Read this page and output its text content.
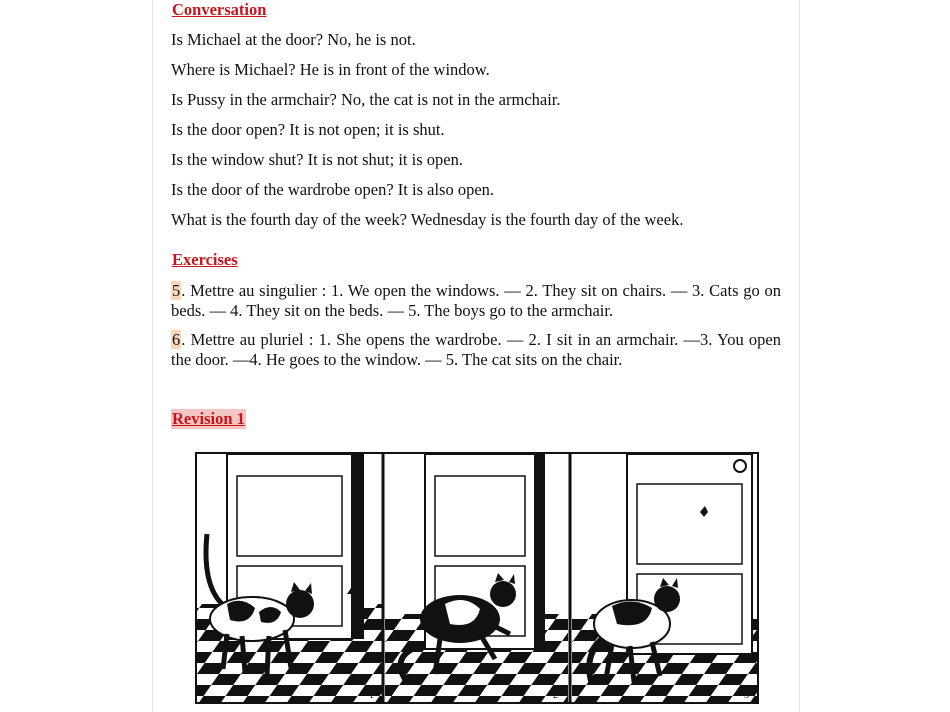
Conversation

Is Michael at the door? No, he is not.

Where is Michael? He is in front of the window.

Is Pussy in the armchair? No, the cat is not in the armchair.

Is the door open? It is not open; it is shut.

Is the window shut? It is not shut; it is open.

Is the door of the wardrobe open? It is also open.

What is the fourth day of the week? Wednesday is the fourth day of the week.

Exercises

5. Mettre au singulier : 1. We open the windows. — 2. They sit on chairs. — 3. Cats go on beds. — 4. They sit on the beds. — 5. The boys go to the armchair.

6. Mettre au pluriel : 1. She opens the wardrobe. — 2. I sit in an armchair. —3. You open the door. —4. He goes to the window. — 5. The cat sits on the chair.

Revision 1
1	2	3
